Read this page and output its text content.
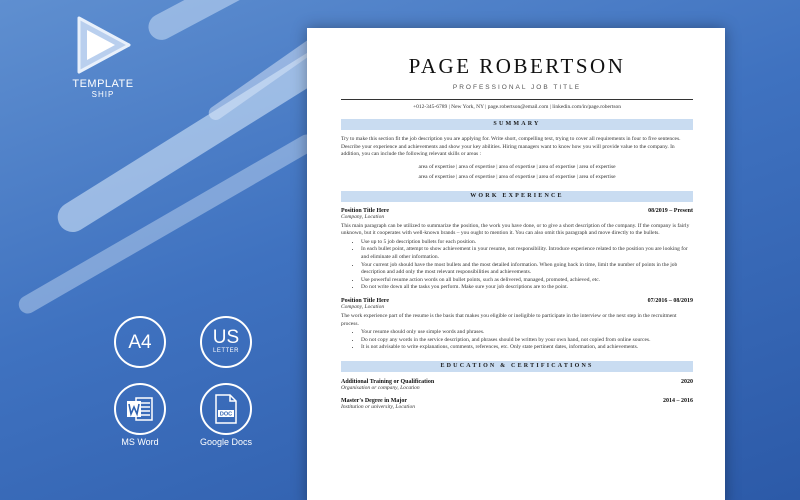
TEMPLATE
SHIP
A4	US
LETTER
DOC
MS Word	Google Docs
PAGE ROBERTSON
PROFESSIONAL JOB TITLE
+012-345-6789 | New York, NY | page.robertson@email.com | linkedin.com/in/page.robertson
SUMMARY
Try to make this section fit the job description you are applying for. Write short, compelling text, trying to cover all requirements in four to five sentences. Describe your experience and achievements and show your key abilities. Hiring managers want to know how you will provide value to the company. In addition, you can include the following relevant skills or areas :
area of expertise | area of expertise | area of expertise | area of expertise | area of expertise
area of expertise | area of expertise | area of expertise | area of expertise | area of expertise
WORK EXPERIENCE
Position Title Here	08/2019 – Present
Company, Location
This main paragraph can be utilized to summarize the position, the work you have done, or to give a short description of the company. If the company is fairly unknown, but it cooperates with well-known brands – you ought to mention it. You can also omit this paragraph and move directly to the bullets.
• Use up to 5 job description bullets for each position.
• In each bullet point, attempt to show achievement in your resume, not responsibility. Introduce experience related to the position you are looking for and eliminate all other information.
• Your current job should have the most bullets and the most detailed information. When going back in time, limit the number of points in the job description and add only the most relevant responsibilities and achievements.
• Use powerful resume action words on all bullet points, such as delivered, managed, promoted, achieved, etc.
• Do not write down all the tasks you perform. Make sure your job descriptions are to the point.
Position Title Here	07/2016 – 08/2019
Company, Location
The work experience part of the resume is the basis that makes you eligible or ineligible to participate in the interview or the next step in the recruitment process.
• Your resume should only use simple words and phrases.
• Do not copy any words in the service description, and phrases should be written by your own hand, not copied from online sources.
• It is not advisable to write explanations, comments, references, etc. Only state pertinent dates, information, and achievements.
EDUCATION & CERTIFICATIONS
Additional Training or Qualification	2020
Organisation or company, Location
Master's Degree in Major	2014 – 2016
Institution or university, Location
